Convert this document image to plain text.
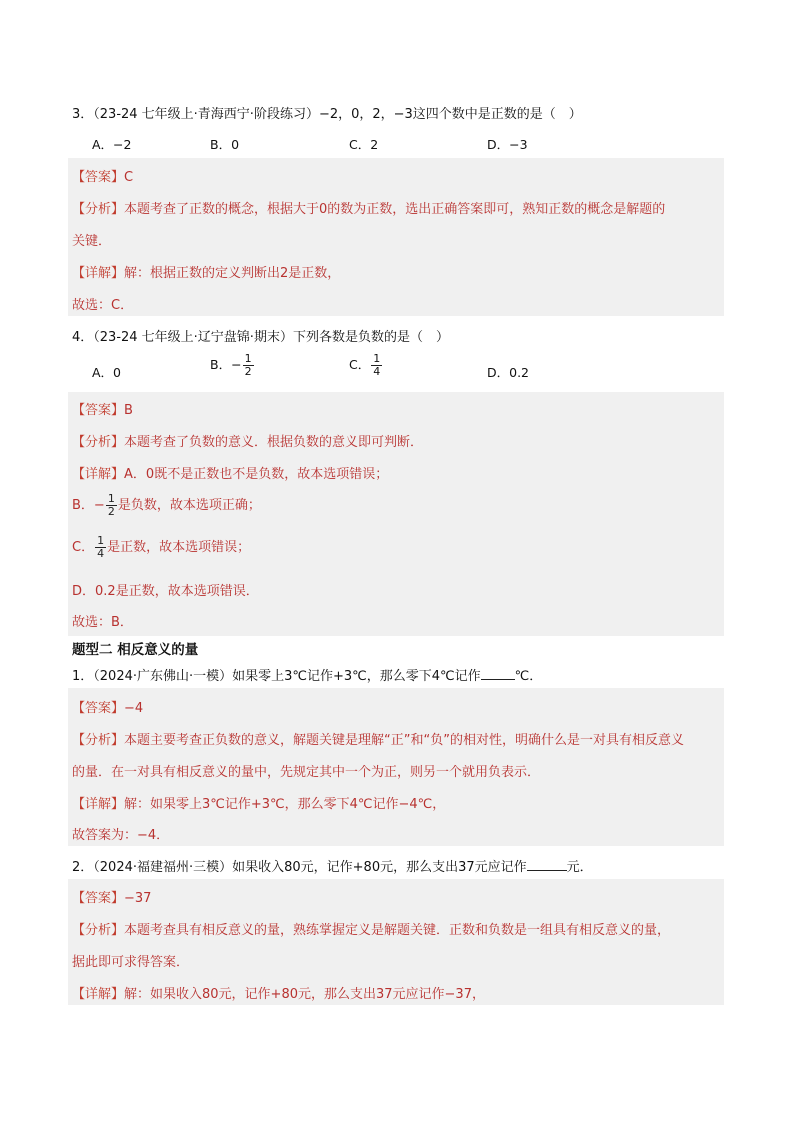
3．（23-24 七年级上·青海西宁·阶段练习）−2，0，2，−3这四个数中是正数的是（　）
A．−2	B．0	C．2	D．−3
【答案】C
【分析】本题考查了正数的概念，根据大于0的数为正数，选出正确答案即可，熟知正数的概念是解题的
关键．
【详解】解：根据正数的定义判断出2是正数，
故选：C．
4．（23-24 七年级上·辽宁盘锦·期末）下列各数是负数的是（　）
A．0
B．− $\frac{1}{2}$	C． $\frac{1}{4}$	D．0.2
【答案】B
【分析】本题考查了负数的意义．根据负数的意义即可判断．
【详解】A．0既不是正数也不是负数，故本选项错误；
B．− $\frac{1}{2}$ 是负数，故本选项正确；
C． $\frac{1}{4}$ 是正数，故本选项错误；
D．0.2是正数，故本选项错误．
故选：B．
题型二 相反意义的量
1．（2024·广东佛山·一模）如果零上3℃记作+3℃，那么零下4℃记作	℃．
【答案】−4
【分析】本题主要考查正负数的意义，解题关键是理解“正”和“负”的相对性，明确什么是一对具有相反意义
的量．在一对具有相反意义的量中，先规定其中一个为正，则另一个就用负表示．
【详解】解：如果零上3℃记作+3℃，那么零下4℃记作−4℃，
故答案为：−4．
2．（2024·福建福州·三模）如果收入80元，记作+80元，那么支出37元应记作	元．
【答案】−37
【分析】本题考查具有相反意义的量，熟练掌握定义是解题关键．正数和负数是一组具有相反意义的量，
据此即可求得答案．
【详解】解：如果收入80元，记作+80元，那么支出37元应记作−37，
